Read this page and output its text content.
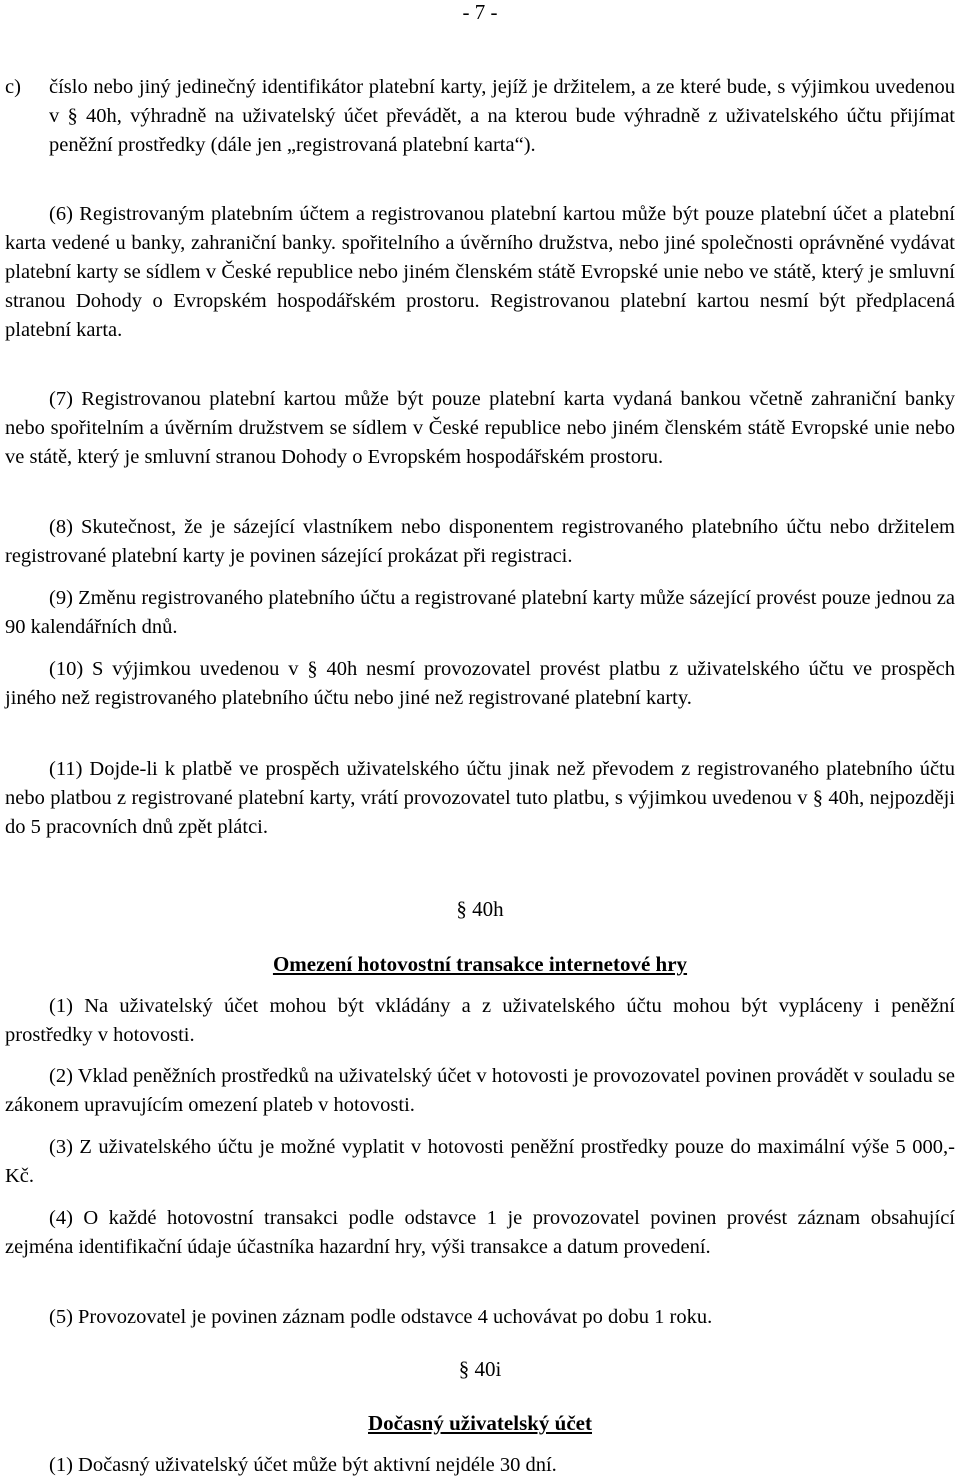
- 7 -
c)	číslo nebo jiný jedinečný identifikátor platební karty, jejíž je držitelem, a ze které bude, s výjimkou uvedenou v § 40h, výhradně na uživatelský účet převádět, a na kterou bude výhradně z uživatelského účtu přijímat peněžní prostředky (dále jen „registrovaná platební karta“).
(6) Registrovaným platebním účtem a registrovanou platební kartou může být pouze platební účet a platební karta vedené u banky, zahraniční banky. spořitelního a úvěrního družstva, nebo jiné společnosti oprávněné vydávat platební karty se sídlem v České republice nebo jiném členském státě Evropské unie nebo ve státě, který je smluvní stranou Dohody o Evropském hospodářském prostoru. Registrovanou platební kartou nesmí být předplacená platební karta.
(7) Registrovanou platební kartou může být pouze platební karta vydaná bankou včetně zahraniční banky nebo spořitelním a úvěrním družstvem se sídlem v České republice nebo jiném členském státě Evropské unie nebo ve státě, který je smluvní stranou Dohody o Evropském hospodářském prostoru.
(8) Skutečnost, že je sázející vlastníkem nebo disponentem registrovaného platebního účtu nebo držitelem registrované platební karty je povinen sázející prokázat při registraci.
(9) Změnu registrovaného platebního účtu a registrované platební karty může sázející provést pouze jednou za 90 kalendářních dnů.
(10) S výjimkou uvedenou v § 40h nesmí provozovatel provést platbu z uživatelského účtu ve prospěch jiného než registrovaného platebního účtu nebo jiné než registrované platební karty.
(11) Dojde-li k platbě ve prospěch uživatelského účtu jinak než převodem z registrovaného platebního účtu nebo platbou z registrované platební karty, vrátí provozovatel tuto platbu, s výjimkou uvedenou v § 40h, nejpozději do 5 pracovních dnů zpět plátci.
§ 40h
Omezení hotovostní transakce internetové hry
(1) Na uživatelský účet mohou být vkládány a z uživatelského účtu mohou být vypláceny i peněžní prostředky v hotovosti.
(2) Vklad peněžních prostředků na uživatelský účet v hotovosti je provozovatel povinen provádět v souladu se zákonem upravujícím omezení plateb v hotovosti.
(3) Z uživatelského účtu je možné vyplatit v hotovosti peněžní prostředky pouze do maximální výše 5 000,- Kč.
(4) O každé hotovostní transakci podle odstavce 1 je provozovatel povinen provést záznam obsahující zejména identifikační údaje účastníka hazardní hry, výši transakce a datum provedení.
(5) Provozovatel je povinen záznam podle odstavce 4 uchovávat po dobu 1 roku.
§ 40i
Dočasný uživatelský účet
(1) Dočasný uživatelský účet může být aktivní nejdéle 30 dní.
